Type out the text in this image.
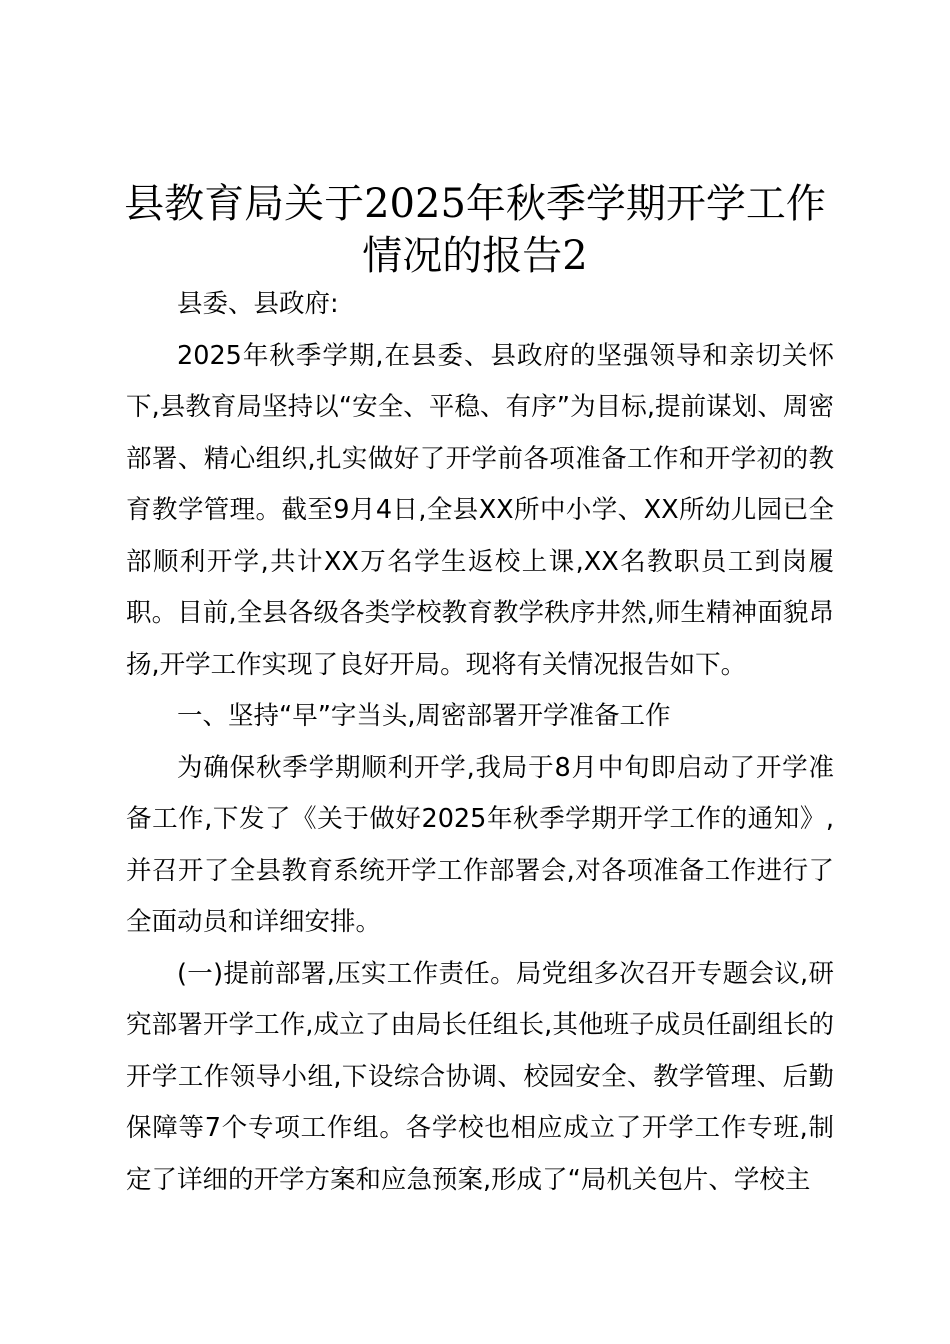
县教育局关于2025年秋季学期开学工作情况的报告2

县委、县政府:

2025年秋季学期,在县委、县政府的坚强领导和亲切关怀下,县教育局坚持以“安全、平稳、有序”为目标,提前谋划、周密部署、精心组织,扎实做好了开学前各项准备工作和开学初的教育教学管理。截至9月4日,全县XX所中小学、XX所幼儿园已全部顺利开学,共计XX万名学生返校上课,XX名教职员工到岗履职。目前,全县各级各类学校教育教学秩序井然,师生精神面貌昂扬,开学工作实现了良好开局。现将有关情况报告如下。

一、坚持“早”字当头,周密部署开学准备工作

为确保秋季学期顺利开学,我局于8月中旬即启动了开学准备工作,下发了《关于做好2025年秋季学期开学工作的通知》,并召开了全县教育系统开学工作部署会,对各项准备工作进行了全面动员和详细安排。

(一)提前部署,压实工作责任。局党组多次召开专题会议,研究部署开学工作,成立了由局长任组长,其他班子成员任副组长的开学工作领导小组,下设综合协调、校园安全、教学管理、后勤保障等7个专项工作组。各学校也相应成立了开学工作专班,制定了详细的开学方案和应急预案,形成了“局机关包片、学校主
